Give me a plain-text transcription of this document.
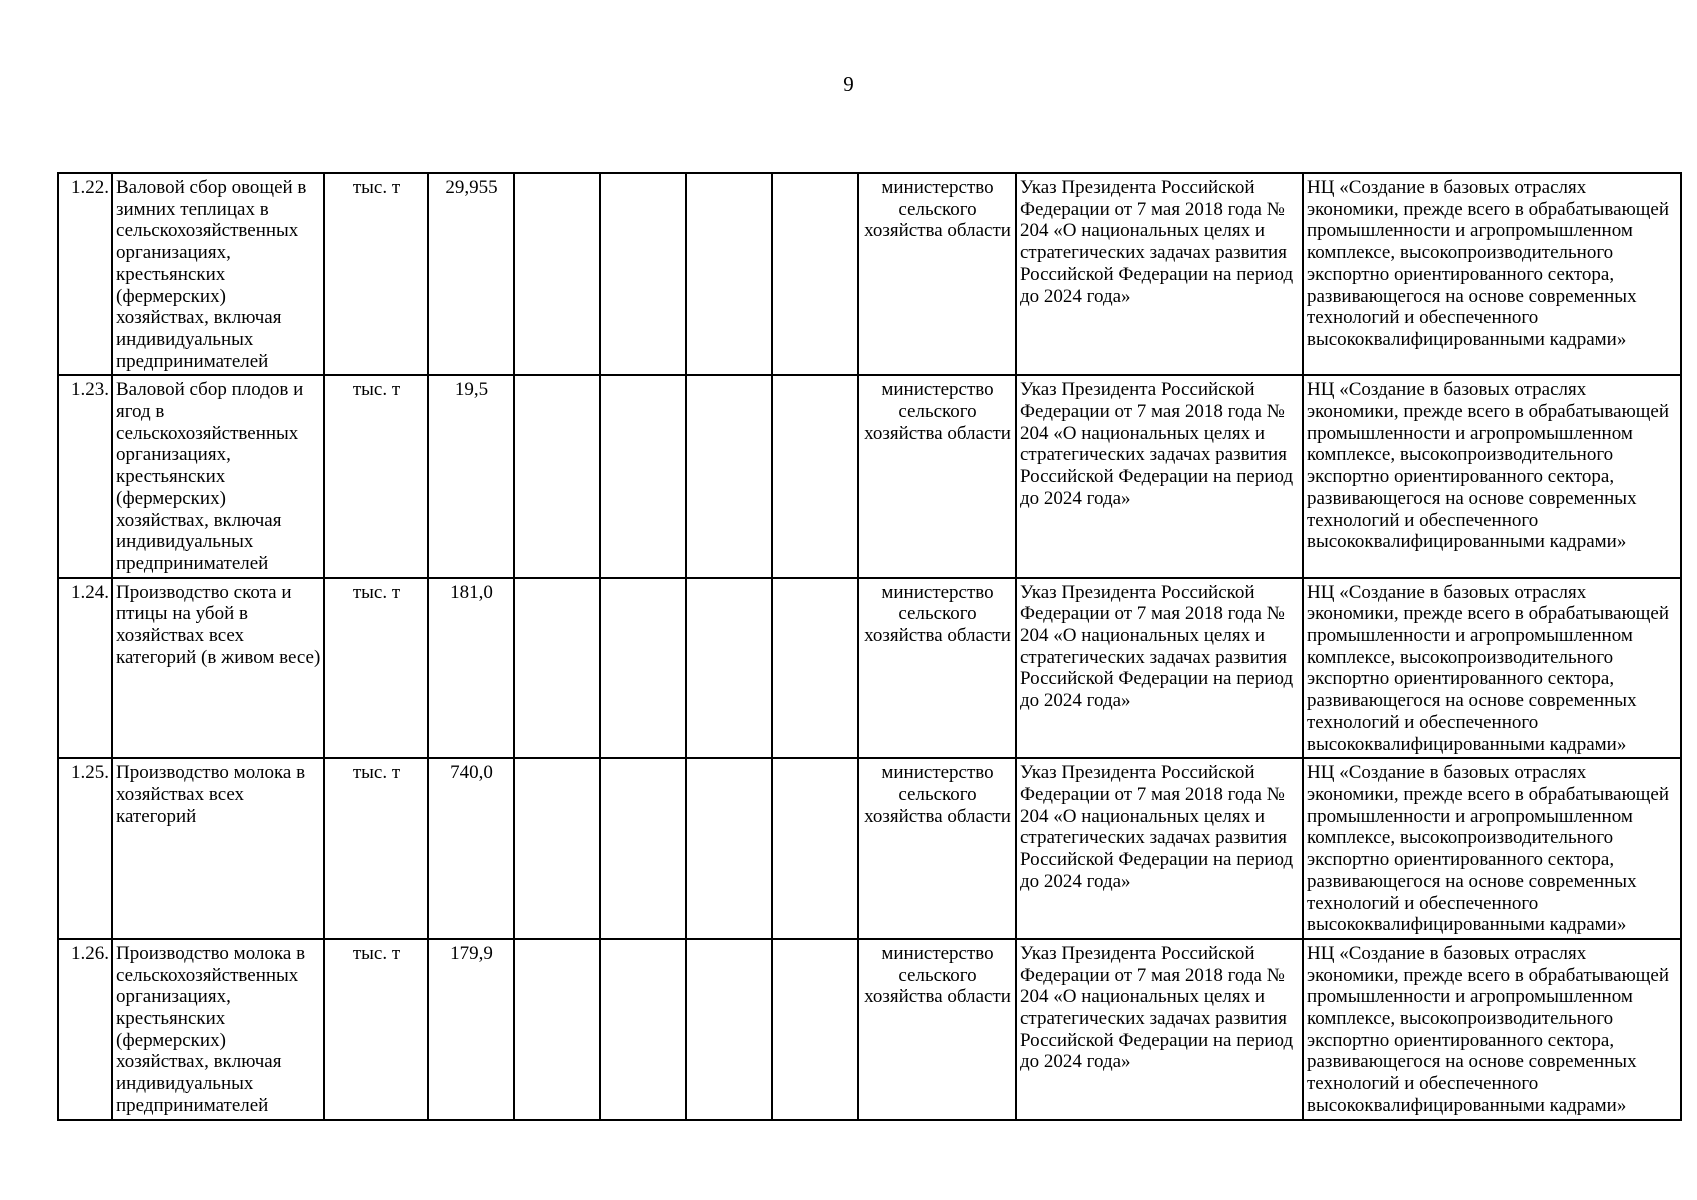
9
1.22.	Валовой сбор овощей в зимних теплицах в сельскохозяйственных организациях, крестьянских (фермерских) хозяйствах, включая индивидуальных предпринимателей	тыс. т	29,955					министерство сельского хозяйства области	Указ Президента Российской Федерации от 7 мая 2018 года № 204 «О национальных целях и стратегических задачах развития Российской Федерации на период до 2024 года»	НЦ «Создание в базовых отраслях экономики, прежде всего в обрабатывающей промышленности и агропромышленном комплексе, высокопроизводительного экспортно ориентированного сектора, развивающегося на основе современных технологий и обеспеченного высококвалифицированными кадрами»
1.23.	Валовой сбор плодов и ягод в сельскохозяйственных организациях, крестьянских (фермерских) хозяйствах, включая индивидуальных предпринимателей	тыс. т	19,5					министерство сельского хозяйства области	Указ Президента Российской Федерации от 7 мая 2018 года № 204 «О национальных целях и стратегических задачах развития Российской Федерации на период до 2024 года»	НЦ «Создание в базовых отраслях экономики, прежде всего в обрабатывающей промышленности и агропромышленном комплексе, высокопроизводительного экспортно ориентированного сектора, развивающегося на основе современных технологий и обеспеченного высококвалифицированными кадрами»
1.24.	Производство скота и птицы на убой в хозяйствах всех категорий (в живом весе)	тыс. т	181,0					министерство сельского хозяйства области	Указ Президента Российской Федерации от 7 мая 2018 года № 204 «О национальных целях и стратегических задачах развития Российской Федерации на период до 2024 года»	НЦ «Создание в базовых отраслях экономики, прежде всего в обрабатывающей промышленности и агропромышленном комплексе, высокопроизводительного экспортно ориентированного сектора, развивающегося на основе современных технологий и обеспеченного высококвалифицированными кадрами»
1.25.	Производство молока в хозяйствах всех категорий	тыс. т	740,0					министерство сельского хозяйства области	Указ Президента Российской Федерации от 7 мая 2018 года № 204 «О национальных целях и стратегических задачах развития Российской Федерации на период до 2024 года»	НЦ «Создание в базовых отраслях экономики, прежде всего в обрабатывающей промышленности и агропромышленном комплексе, высокопроизводительного экспортно ориентированного сектора, развивающегося на основе современных технологий и обеспеченного высококвалифицированными кадрами»
1.26.	Производство молока в сельскохозяйственных организациях, крестьянских (фермерских) хозяйствах, включая индивидуальных предпринимателей	тыс. т	179,9					министерство сельского хозяйства области	Указ Президента Российской Федерации от 7 мая 2018 года № 204 «О национальных целях и стратегических задачах развития Российской Федерации на период до 2024 года»	НЦ «Создание в базовых отраслях экономики, прежде всего в обрабатывающей промышленности и агропромышленном комплексе, высокопроизводительного экспортно ориентированного сектора, развивающегося на основе современных технологий и обеспеченного высококвалифицированными кадрами»
